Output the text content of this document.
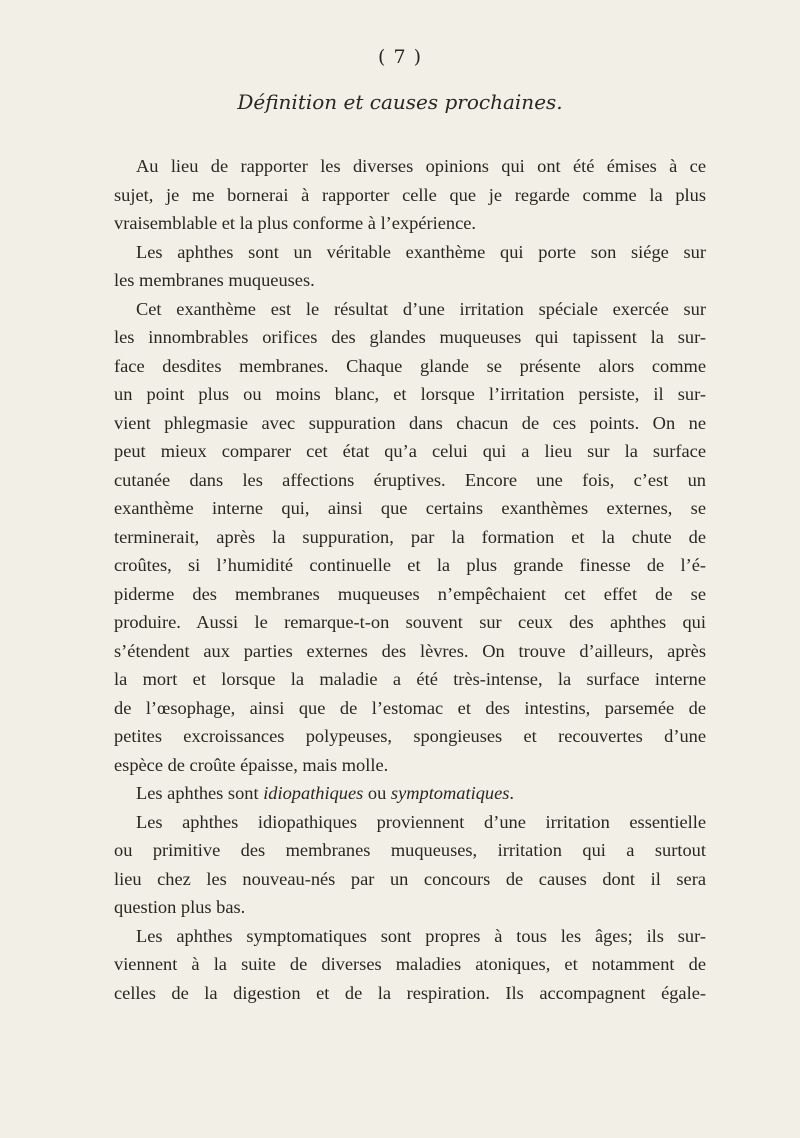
( 7 )
Définition et causes prochaines.
Au lieu de rapporter les diverses opinions qui ont été émises à ce
sujet, je me bornerai à rapporter celle que je regarde comme la plus
vraisemblable et la plus conforme à l’expérience.
Les aphthes sont un véritable exanthème qui porte son siége sur
les membranes muqueuses.
Cet exanthème est le résultat d’une irritation spéciale exercée sur
les innombrables orifices des glandes muqueuses qui tapissent la sur-
face desdites membranes. Chaque glande se présente alors comme
un point plus ou moins blanc, et lorsque l’irritation persiste, il sur-
vient phlegmasie avec suppuration dans chacun de ces points. On ne
peut mieux comparer cet état qu’a celui qui a lieu sur la surface
cutanée dans les affections éruptives. Encore une fois, c’est un
exanthème interne qui, ainsi que certains exanthèmes externes, se
terminerait, après la suppuration, par la formation et la chute de
croûtes, si l’humidité continuelle et la plus grande finesse de l’é-
piderme des membranes muqueuses n’empêchaient cet effet de se
produire. Aussi le remarque-t-on souvent sur ceux des aphthes qui
s’étendent aux parties externes des lèvres. On trouve d’ailleurs, après
la mort et lorsque la maladie a été très-intense, la surface interne
de l’œsophage, ainsi que de l’estomac et des intestins, parsemée de
petites excroissances polypeuses, spongieuses et recouvertes d’une
espèce de croûte épaisse, mais molle.
Les aphthes sont idiopathiques ou symptomatiques.
Les aphthes idiopathiques proviennent d’une irritation essentielle
ou primitive des membranes muqueuses, irritation qui a surtout
lieu chez les nouveau-nés par un concours de causes dont il sera
question plus bas.
Les aphthes symptomatiques sont propres à tous les âges; ils sur-
viennent à la suite de diverses maladies atoniques, et notamment de
celles de la digestion et de la respiration. Ils accompagnent égale-
